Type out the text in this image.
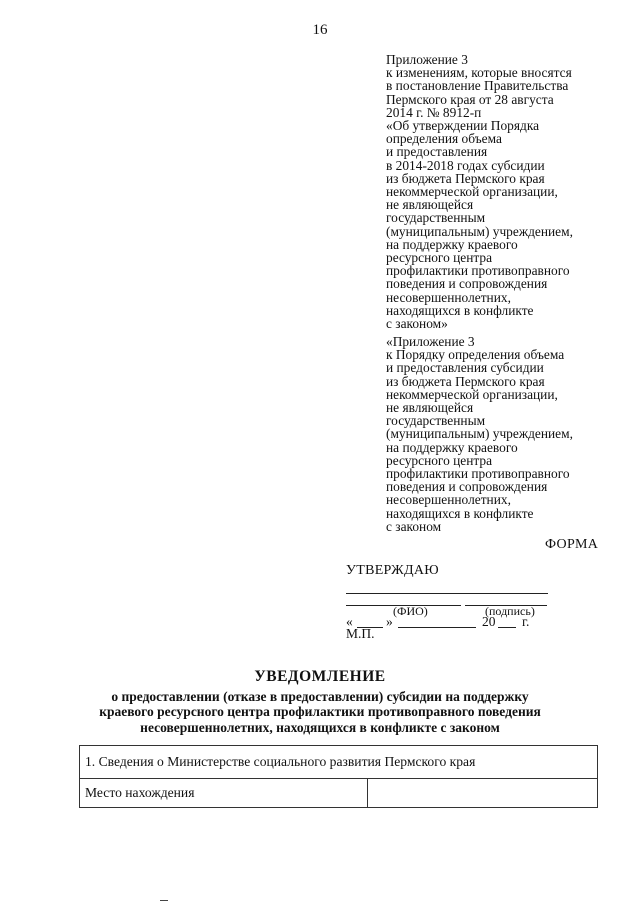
16
Приложение 3
к изменениям, которые вносятся
в постановление Правительства
Пермского края от 28 августа
2014 г. № 8912-п
«Об утверждении Порядка
определения объема
и предоставления
в 2014-2018 годах субсидии
из бюджета Пермского края
некоммерческой организации,
не являющейся
государственным
(муниципальным) учреждением,
на поддержку краевого
ресурсного центра
профилактики противоправного
поведения и сопровождения
несовершеннолетних,
находящихся в конфликте
с законом»
«Приложение 3
к Порядку определения объема
и предоставления субсидии
из бюджета Пермского края
некоммерческой организации,
не являющейся
государственным
(муниципальным) учреждением,
на поддержку краевого
ресурсного центра
профилактики противоправного
поведения и сопровождения
несовершеннолетних,
находящихся в конфликте
с законом
ФОРМА
УТВЕРЖДАЮ
(ФИО)	(подпись)
« »	20 г.
М.П.
УВЕДОМЛЕНИЕ
о предоставлении (отказе в предоставлении) субсидии на поддержку
краевого ресурсного центра профилактики противоправного поведения
несовершеннолетних, находящихся в конфликте с законом
1. Сведения о Министерстве социального развития Пермского края
Место нахождения	
